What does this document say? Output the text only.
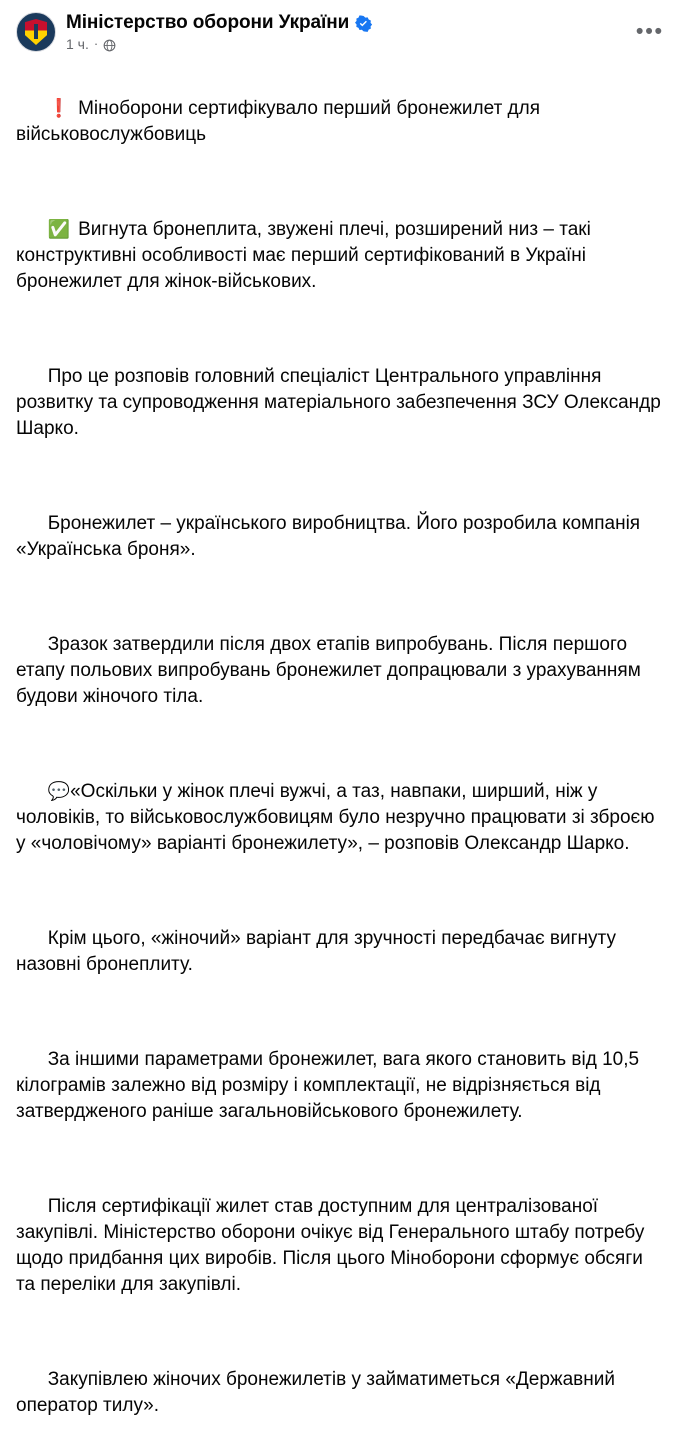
Міністерство оборони України
1 ч. ·
•••

❗ Міноборони сертифікувало перший бронежилет для військовослужбовиць

✅ Вигнута бронеплита, звужені плечі, розширений низ – такі конструктивні особливості має перший сертифікований в Україні бронежилет для жінок-військових.

Про це розповів головний спеціаліст Центрального управління розвитку та супроводження матеріального забезпечення ЗСУ Олександр Шарко.

Бронежилет – українського виробництва. Його розробила компанія «Українська броня».

Зразок затвердили після двох етапів випробувань. Після першого етапу польових випробувань бронежилет допрацювали з урахуванням будови жіночого тіла.

💬«Оскільки у жінок плечі вужчі, а таз, навпаки, ширший, ніж у чоловіків, то військовослужбовицям було незручно працювати зі зброєю у «чоловічому» варіанті бронежилету», – розповів Олександр Шарко.

Крім цього, «жіночий» варіант для зручності передбачає вигнуту назовні бронеплиту.

За іншими параметрами бронежилет, вага якого становить від 10,5 кілограмів залежно від розміру і комплектації, не відрізняється від затвердженого раніше загальновійськового бронежилету.

Після сертифікації жилет став доступним для централізованої закупівлі. Міністерство оборони очікує від Генерального штабу потребу щодо придбання цих виробів. Після цього Міноборони сформує обсяги та переліки для закупівлі.

Закупівлею жіночих бронежилетів у займатиметься «Державний оператор тилу».
